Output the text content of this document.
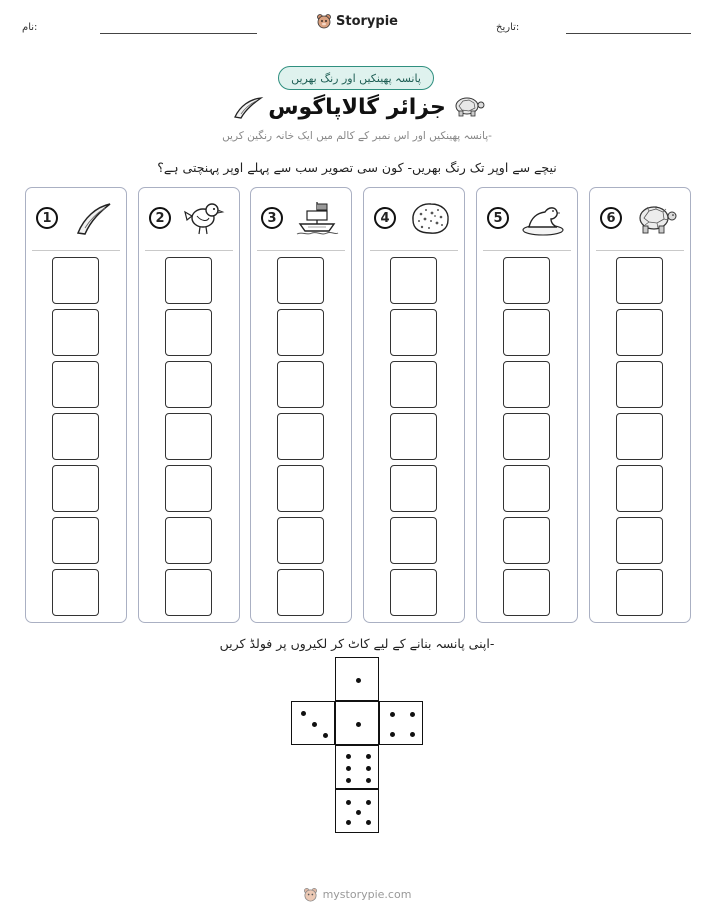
تاریخ:
نام:	Storypie
پانسہ پھینکیں اور رنگ بھریں
جزائر گالاپاگوس
پانسہ پھینکیں اور اس نمبر کے کالم میں ایک خانہ رنگین کریں-
نیچے سے اوپر تک رنگ بھریں- کون سی تصویر سب سے پہلے اوپر پہنچتی ہے؟
1	2	3	4	5	6
اپنی پانسہ بنانے کے لیے کاٹ کر لکیروں پر فولڈ کریں-
mystorypie.com
